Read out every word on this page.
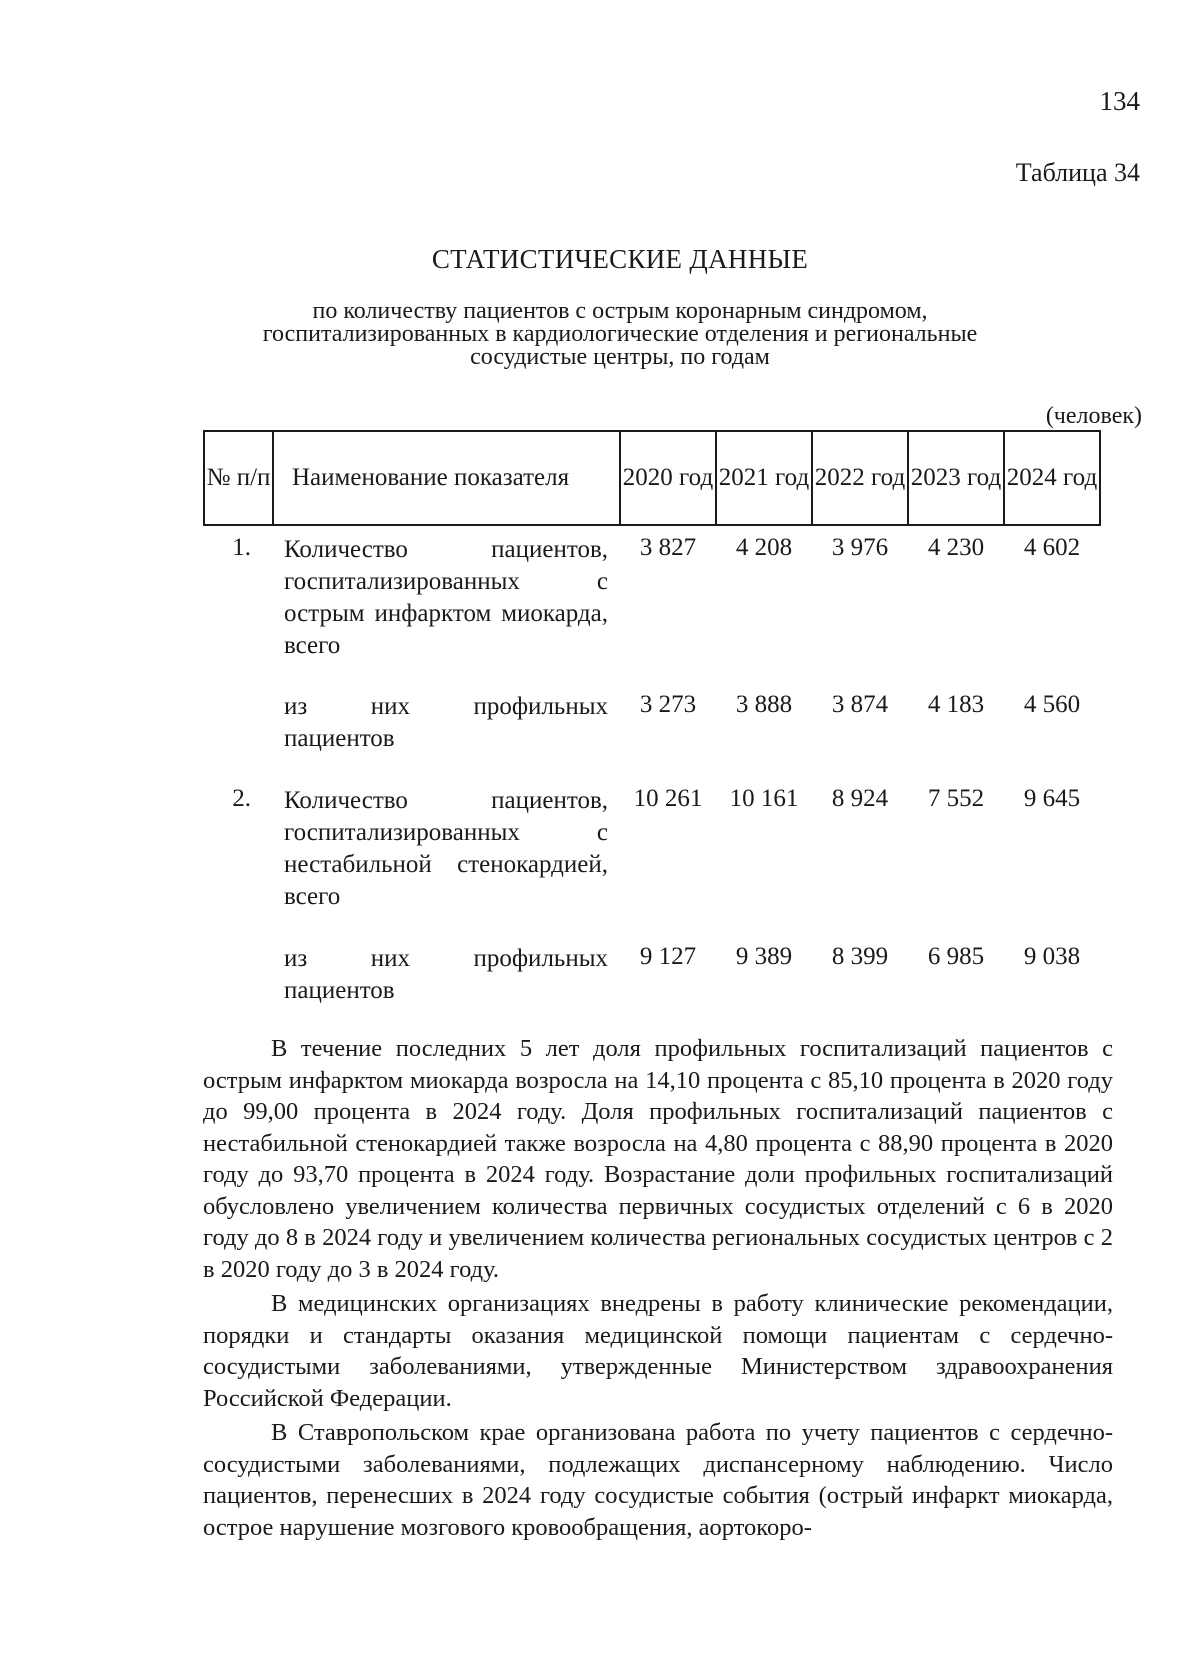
134
Таблица 34
СТАТИСТИЧЕСКИЕ ДАННЫЕ
по количеству пациентов с острым коронарным синдромом,
госпитализированных в кардиологические отделения и региональные
сосудистые центры, по годам
(человек)
№ п/п	Наименование показателя	2020 год	2021 год	2022 год	2023 год	2024 год
1.	Количество пациентов, госпитализированных с острым инфарктом миокарда, всего	3 827	4 208	3 976	4 230	4 602
	из них профильных пациентов	3 273	3 888	3 874	4 183	4 560
2.	Количество пациентов, госпитализированных с нестабильной стенокардией, всего	10 261	10 161	8 924	7 552	9 645
	из них профильных пациентов	9 127	9 389	8 399	6 985	9 038

В течение последних 5 лет доля профильных госпитализаций пациентов с острым инфарктом миокарда возросла на 14,10 процента с 85,10 процента в 2020 году до 99,00 процента в 2024 году. Доля профильных госпитализаций пациентов с нестабильной стенокардией также возросла на 4,80 процента с 88,90 процента в 2020 году до 93,70 процента в 2024 году. Возрастание доли профильных госпитализаций обусловлено увеличением количества первичных сосудистых отделений с 6 в 2020 году до 8 в 2024 году и увеличением количества региональных сосудистых центров с 2 в 2020 году до 3 в 2024 году.

В медицинских организациях внедрены в работу клинические рекомендации, порядки и стандарты оказания медицинской помощи пациентам с сердечно-сосудистыми заболеваниями, утвержденные Министерством здравоохранения Российской Федерации.

В Ставропольском крае организована работа по учету пациентов с сердечно-сосудистыми заболеваниями, подлежащих диспансерному наблюдению. Число пациентов, перенесших в 2024 году сосудистые события (острый инфаркт миокарда, острое нарушение мозгового кровообращения, аортокоро-
